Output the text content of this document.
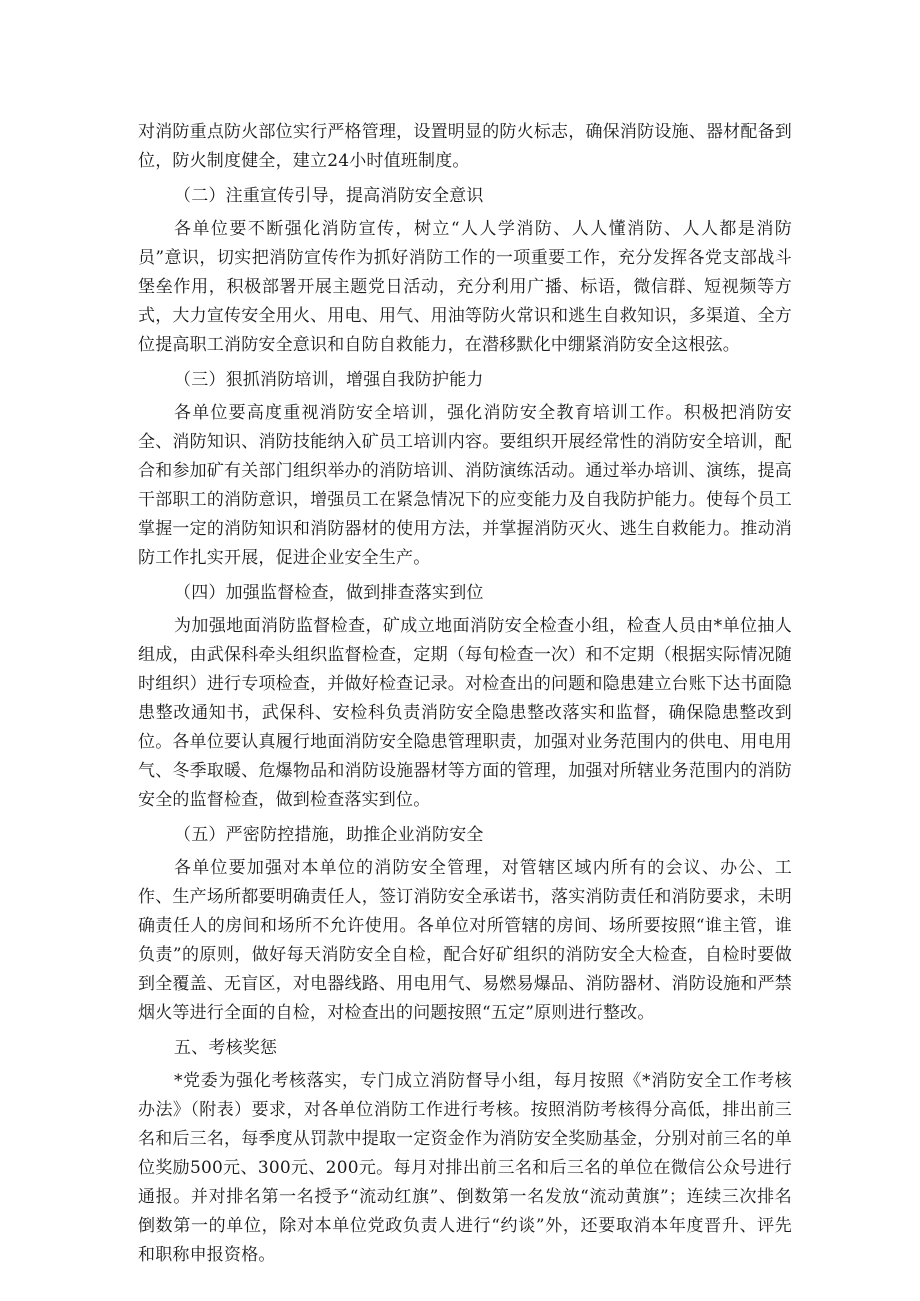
对消防重点防火部位实行严格管理，设置明显的防火标志，确保消防设施、器材配备到位，防火制度健全，建立24小时值班制度。

（二）注重宣传引导，提高消防安全意识

各单位要不断强化消防宣传，树立“人人学消防、人人懂消防、人人都是消防员”意识，切实把消防宣传作为抓好消防工作的一项重要工作，充分发挥各党支部战斗堡垒作用，积极部署开展主题党日活动，充分利用广播、标语，微信群、短视频等方式，大力宣传安全用火、用电、用气、用油等防火常识和逃生自救知识，多渠道、全方位提高职工消防安全意识和自防自救能力，在潜移默化中绷紧消防安全这根弦。

（三）狠抓消防培训，增强自我防护能力

各单位要高度重视消防安全培训，强化消防安全教育培训工作。积极把消防安全、消防知识、消防技能纳入矿员工培训内容。要组织开展经常性的消防安全培训，配合和参加矿有关部门组织举办的消防培训、消防演练活动。通过举办培训、演练，提高干部职工的消防意识，增强员工在紧急情况下的应变能力及自我防护能力。使每个员工掌握一定的消防知识和消防器材的使用方法，并掌握消防灭火、逃生自救能力。推动消防工作扎实开展，促进企业安全生产。

（四）加强监督检查，做到排查落实到位

为加强地面消防监督检查，矿成立地面消防安全检查小组，检查人员由*单位抽人组成，由武保科牵头组织监督检查，定期（每旬检查一次）和不定期（根据实际情况随时组织）进行专项检查，并做好检查记录。对检查出的问题和隐患建立台账下达书面隐患整改通知书，武保科、安检科负责消防安全隐患整改落实和监督，确保隐患整改到位。各单位要认真履行地面消防安全隐患管理职责，加强对业务范围内的供电、用电用气、冬季取暖、危爆物品和消防设施器材等方面的管理，加强对所辖业务范围内的消防安全的监督检查，做到检查落实到位。

（五）严密防控措施，助推企业消防安全

各单位要加强对本单位的消防安全管理，对管辖区域内所有的会议、办公、工作、生产场所都要明确责任人，签订消防安全承诺书，落实消防责任和消防要求，未明确责任人的房间和场所不允许使用。各单位对所管辖的房间、场所要按照“谁主管，谁负责”的原则，做好每天消防安全自检，配合好矿组织的消防安全大检查，自检时要做到全覆盖、无盲区，对电器线路、用电用气、易燃易爆品、消防器材、消防设施和严禁烟火等进行全面的自检，对检查出的问题按照“五定”原则进行整改。

五、考核奖惩

*党委为强化考核落实，专门成立消防督导小组，每月按照《*消防安全工作考核办法》（附表）要求，对各单位消防工作进行考核。按照消防考核得分高低，排出前三名和后三名，每季度从罚款中提取一定资金作为消防安全奖励基金，分别对前三名的单位奖励500元、300元、200元。每月对排出前三名和后三名的单位在微信公众号进行通报。并对排名第一名授予“流动红旗”、倒数第一名发放“流动黄旗”；连续三次排名倒数第一的单位，除对本单位党政负责人进行“约谈”外，还要取消本年度晋升、评先和职称申报资格。
